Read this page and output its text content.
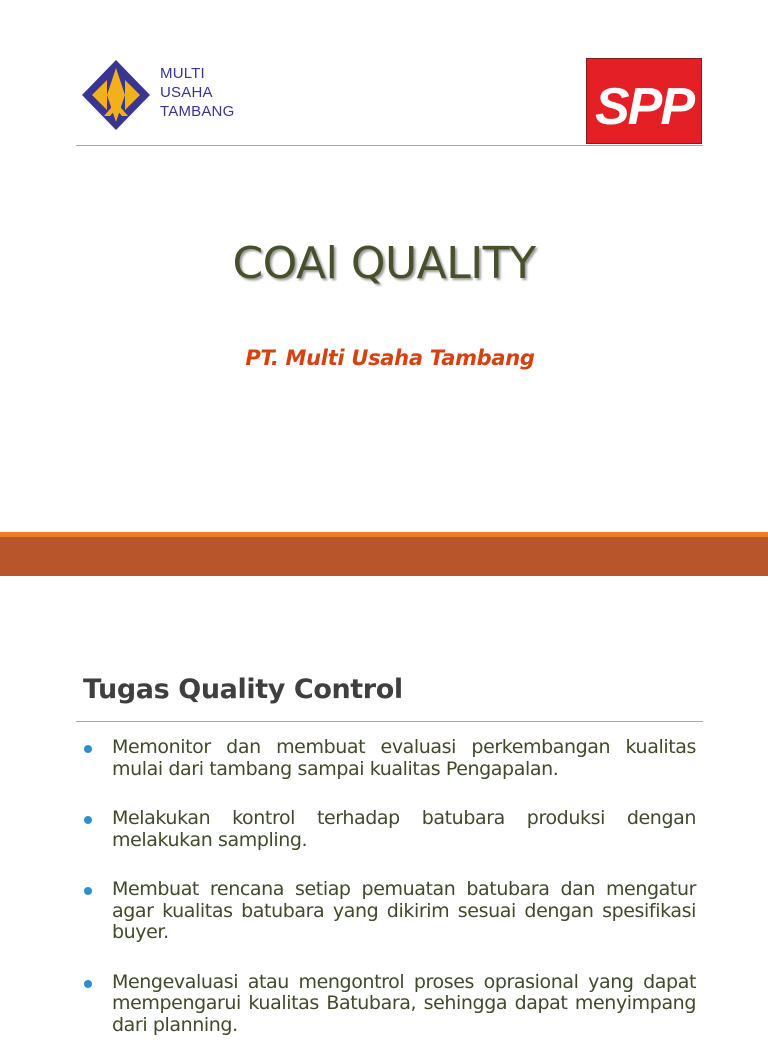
MULTI
USAHA
TAMBANG	SPP
COAl QUALITY
PT. Multi Usaha Tambang
Tugas Quality Control
Memonitor dan membuat evaluasi perkembangan kualitas mulai dari tambang sampai kualitas Pengapalan.
Melakukan kontrol terhadap batubara produksi dengan melakukan sampling.
Membuat rencana setiap pemuatan batubara dan mengatur agar kualitas batubara yang dikirim sesuai dengan spesifikasi buyer.
Mengevaluasi atau mengontrol proses oprasional yang dapat mempengarui kualitas Batubara, sehingga dapat menyimpang dari planning.
